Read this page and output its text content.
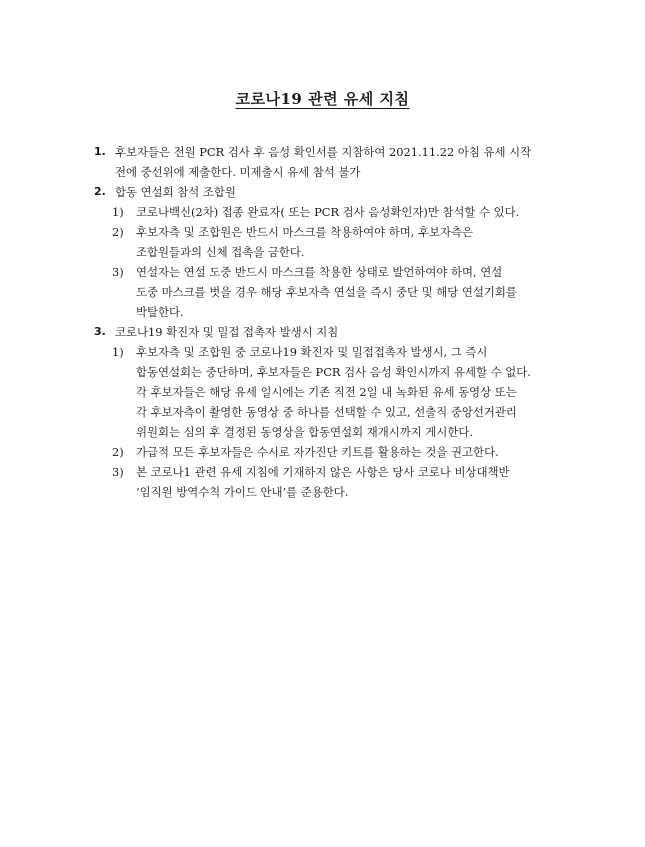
코로나19 관련 유세 지침
1. 후보자들은 전원 PCR 검사 후 음성 확인서를 지참하여 2021.11.22 아침 유세 시작
전에 중선위에 제출한다. 미제출시 유세 참석 불가
2. 합동 연설회 참석 조합원
1) 코로나백신(2차) 접종 완료자( 또는 PCR 검사 음성확인자)만 참석할 수 있다.
2) 후보자측 및 조합원은 반드시 마스크를 착용하여야 하며, 후보자측은
조합원들과의 신체 접촉을 금한다.
3) 연설자는 연설 도중 반드시 마스크를 착용한 상태로 발언하여야 하며, 연설
도중 마스크를 벗을 경우 해당 후보자측 연설을 즉시 중단 및 해당 연설기회를
박탈한다.
3. 코로나19 확진자 및 밀접 접촉자 발생시 지침
1) 후보자측 및 조합원 중 코로나19 확진자 및 밀접접촉자 발생시, 그 즉시
합동연설회는 중단하며, 후보자들은 PCR 검사 음성 확인시까지 유세할 수 없다.
각 후보자들은 해당 유세 일시에는 기존 직전 2일 내 녹화된 유세 동영상 또는
각 후보자측이 촬영한 동영상 중 하나를 선택할 수 있고, 선출직 중앙선거관리
위원회는 심의 후 결정된 동영상을 합동연설회 재개시까지 게시한다.
2) 가급적 모든 후보자들은 수시로 자가진단 키트를 활용하는 것을 권고한다.
3) 본 코로나1 관련 유세 지침에 기재하지 않은 사항은 당사 코로나 비상대책반
‘임직원 방역수칙 가이드 안내’를 준용한다.
